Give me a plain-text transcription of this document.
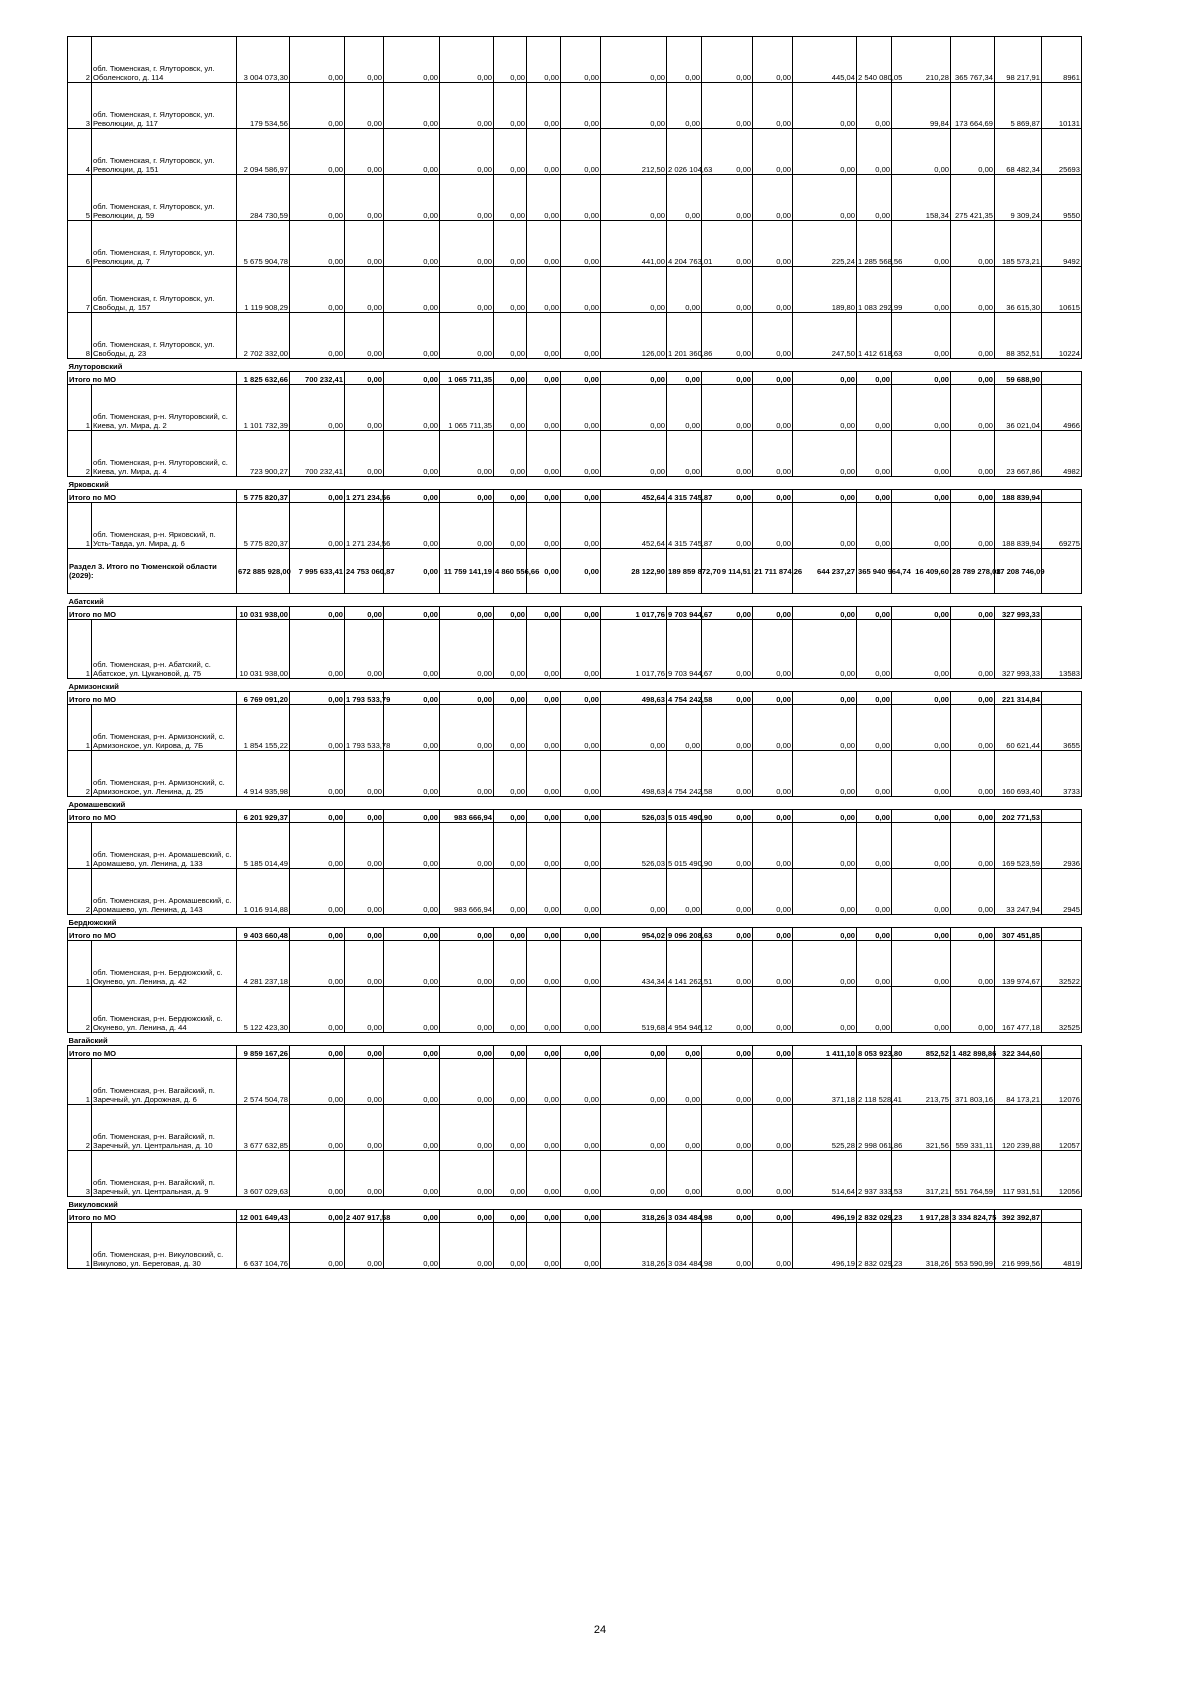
2	обл. Тюменская, г. Ялуторовск, ул. Оболенского, д. 114	3 004 073,30	0,00	0,00	0,00	0,00	0,00	0,00	0,00	0,00	0,00	0,00	0,00	445,04	2 540 080,05	210,28	365 767,34	98 217,91	8961
3	обл. Тюменская, г. Ялуторовск, ул. Революции, д. 117	179 534,56	0,00	0,00	0,00	0,00	0,00	0,00	0,00	0,00	0,00	0,00	0,00	0,00	0,00	99,84	173 664,69	5 869,87	10131
4	обл. Тюменская, г. Ялуторовск, ул. Революции, д. 151	2 094 586,97	0,00	0,00	0,00	0,00	0,00	0,00	0,00	212,50	2 026 104,63	0,00	0,00	0,00	0,00	0,00	0,00	68 482,34	25693
5	обл. Тюменская, г. Ялуторовск, ул. Революции, д. 59	284 730,59	0,00	0,00	0,00	0,00	0,00	0,00	0,00	0,00	0,00	0,00	0,00	0,00	0,00	158,34	275 421,35	9 309,24	9550
6	обл. Тюменская, г. Ялуторовск, ул. Революции, д. 7	5 675 904,78	0,00	0,00	0,00	0,00	0,00	0,00	0,00	441,00	4 204 763,01	0,00	0,00	225,24	1 285 568,56	0,00	0,00	185 573,21	9492
7	обл. Тюменская, г. Ялуторовск, ул. Свободы, д. 157	1 119 908,29	0,00	0,00	0,00	0,00	0,00	0,00	0,00	0,00	0,00	0,00	0,00	189,80	1 083 292,99	0,00	0,00	36 615,30	10615
8	обл. Тюменская, г. Ялуторовск, ул. Свободы, д. 23	2 702 332,00	0,00	0,00	0,00	0,00	0,00	0,00	0,00	126,00	1 201 360,86	0,00	0,00	247,50	1 412 618,63	0,00	0,00	88 352,51	10224
Ялуторовский																			
Итого по МО		1 825 632,66	700 232,41	0,00	0,00	1 065 711,35	0,00	0,00	0,00	0,00	0,00	0,00	0,00	0,00	0,00	0,00	0,00	59 688,90	
1	обл. Тюменская, р-н. Ялуторовский, с. Киева, ул. Мира, д. 2	1 101 732,39	0,00	0,00	0,00	1 065 711,35	0,00	0,00	0,00	0,00	0,00	0,00	0,00	0,00	0,00	0,00	0,00	36 021,04	4966
2	обл. Тюменская, р-н. Ялуторовский, с. Киева, ул. Мира, д. 4	723 900,27	700 232,41	0,00	0,00	0,00	0,00	0,00	0,00	0,00	0,00	0,00	0,00	0,00	0,00	0,00	0,00	23 667,86	4982
Ярковский																			
Итого по МО		5 775 820,37	0,00	1 271 234,56	0,00	0,00	0,00	0,00	0,00	452,64	4 315 745,87	0,00	0,00	0,00	0,00	0,00	0,00	188 839,94	
1	обл. Тюменская, р-н. Ярковский, п. Усть-Тавда, ул. Мира, д. 6	5 775 820,37	0,00	1 271 234,56	0,00	0,00	0,00	0,00	0,00	452,64	4 315 745,87	0,00	0,00	0,00	0,00	0,00	0,00	188 839,94	69275
Раздел 3. Итого по Тюменской области (2029):		672 885 928,00	7 995 633,41	24 753 060,87	0,00	11 759 141,19	4 860 556,66	0,00	0,00	28 122,90	189 859 872,70	9 114,51	21 711 874,26	644 237,27	365 940 964,74	16 409,60	28 789 278,08	17 208 746,09	
Абатский																			
Итого по МО		10 031 938,00	0,00	0,00	0,00	0,00	0,00	0,00	0,00	1 017,76	9 703 944,67	0,00	0,00	0,00	0,00	0,00	0,00	327 993,33	
1	обл. Тюменская, р-н. Абатский, с. Абатское, ул. Цукановой, д. 75	10 031 938,00	0,00	0,00	0,00	0,00	0,00	0,00	0,00	1 017,76	9 703 944,67	0,00	0,00	0,00	0,00	0,00	0,00	327 993,33	13583
Армизонский																			
Итого по МО		6 769 091,20	0,00	1 793 533,79	0,00	0,00	0,00	0,00	0,00	498,63	4 754 242,58	0,00	0,00	0,00	0,00	0,00	0,00	221 314,84	
1	обл. Тюменская, р-н. Армизонский, с. Армизонское, ул. Кирова, д. 7Б	1 854 155,22	0,00	1 793 533,78	0,00	0,00	0,00	0,00	0,00	0,00	0,00	0,00	0,00	0,00	0,00	0,00	0,00	60 621,44	3655
2	обл. Тюменская, р-н. Армизонский, с. Армизонское, ул. Ленина, д. 25	4 914 935,98	0,00	0,00	0,00	0,00	0,00	0,00	0,00	498,63	4 754 242,58	0,00	0,00	0,00	0,00	0,00	0,00	160 693,40	3733
Аромашевский																			
Итого по МО		6 201 929,37	0,00	0,00	0,00	983 666,94	0,00	0,00	0,00	526,03	5 015 490,90	0,00	0,00	0,00	0,00	0,00	0,00	202 771,53	
1	обл. Тюменская, р-н. Аромашевский, с. Аромашево, ул. Ленина, д. 133	5 185 014,49	0,00	0,00	0,00	0,00	0,00	0,00	0,00	526,03	5 015 490,90	0,00	0,00	0,00	0,00	0,00	0,00	169 523,59	2936
2	обл. Тюменская, р-н. Аромашевский, с. Аромашево, ул. Ленина, д. 143	1 016 914,88	0,00	0,00	0,00	983 666,94	0,00	0,00	0,00	0,00	0,00	0,00	0,00	0,00	0,00	0,00	0,00	33 247,94	2945
Бердюжский																			
Итого по МО		9 403 660,48	0,00	0,00	0,00	0,00	0,00	0,00	0,00	954,02	9 096 208,63	0,00	0,00	0,00	0,00	0,00	0,00	307 451,85	
1	обл. Тюменская, р-н. Бердюжский, с. Окунево, ул. Ленина, д. 42	4 281 237,18	0,00	0,00	0,00	0,00	0,00	0,00	0,00	434,34	4 141 262,51	0,00	0,00	0,00	0,00	0,00	0,00	139 974,67	32522
2	обл. Тюменская, р-н. Бердюжский, с. Окунево, ул. Ленина, д. 44	5 122 423,30	0,00	0,00	0,00	0,00	0,00	0,00	0,00	519,68	4 954 946,12	0,00	0,00	0,00	0,00	0,00	0,00	167 477,18	32525
Вагайский																			
Итого по МО		9 859 167,26	0,00	0,00	0,00	0,00	0,00	0,00	0,00	0,00	0,00	0,00	0,00	1 411,10	8 053 923,80	852,52	1 482 898,86	322 344,60	
1	обл. Тюменская, р-н. Вагайский, п. Заречный, ул. Дорожная, д. 6	2 574 504,78	0,00	0,00	0,00	0,00	0,00	0,00	0,00	0,00	0,00	0,00	0,00	371,18	2 118 528,41	213,75	371 803,16	84 173,21	12076
2	обл. Тюменская, р-н. Вагайский, п. Заречный, ул. Центральная, д. 10	3 677 632,85	0,00	0,00	0,00	0,00	0,00	0,00	0,00	0,00	0,00	0,00	0,00	525,28	2 998 061,86	321,56	559 331,11	120 239,88	12057
3	обл. Тюменская, р-н. Вагайский, п. Заречный, ул. Центральная, д. 9	3 607 029,63	0,00	0,00	0,00	0,00	0,00	0,00	0,00	0,00	0,00	0,00	0,00	514,64	2 937 333,53	317,21	551 764,59	117 931,51	12056
Викуловский																			
Итого по МО		12 001 649,43	0,00	2 407 917,58	0,00	0,00	0,00	0,00	0,00	318,26	3 034 484,98	0,00	0,00	496,19	2 832 029,23	1 917,28	3 334 824,75	392 392,87	
1	обл. Тюменская, р-н. Викуловский, с. Викулово, ул. Береговая, д. 30	6 637 104,76	0,00	0,00	0,00	0,00	0,00	0,00	0,00	318,26	3 034 484,98	0,00	0,00	496,19	2 832 029,23	318,26	553 590,99	216 999,56	4819
24
